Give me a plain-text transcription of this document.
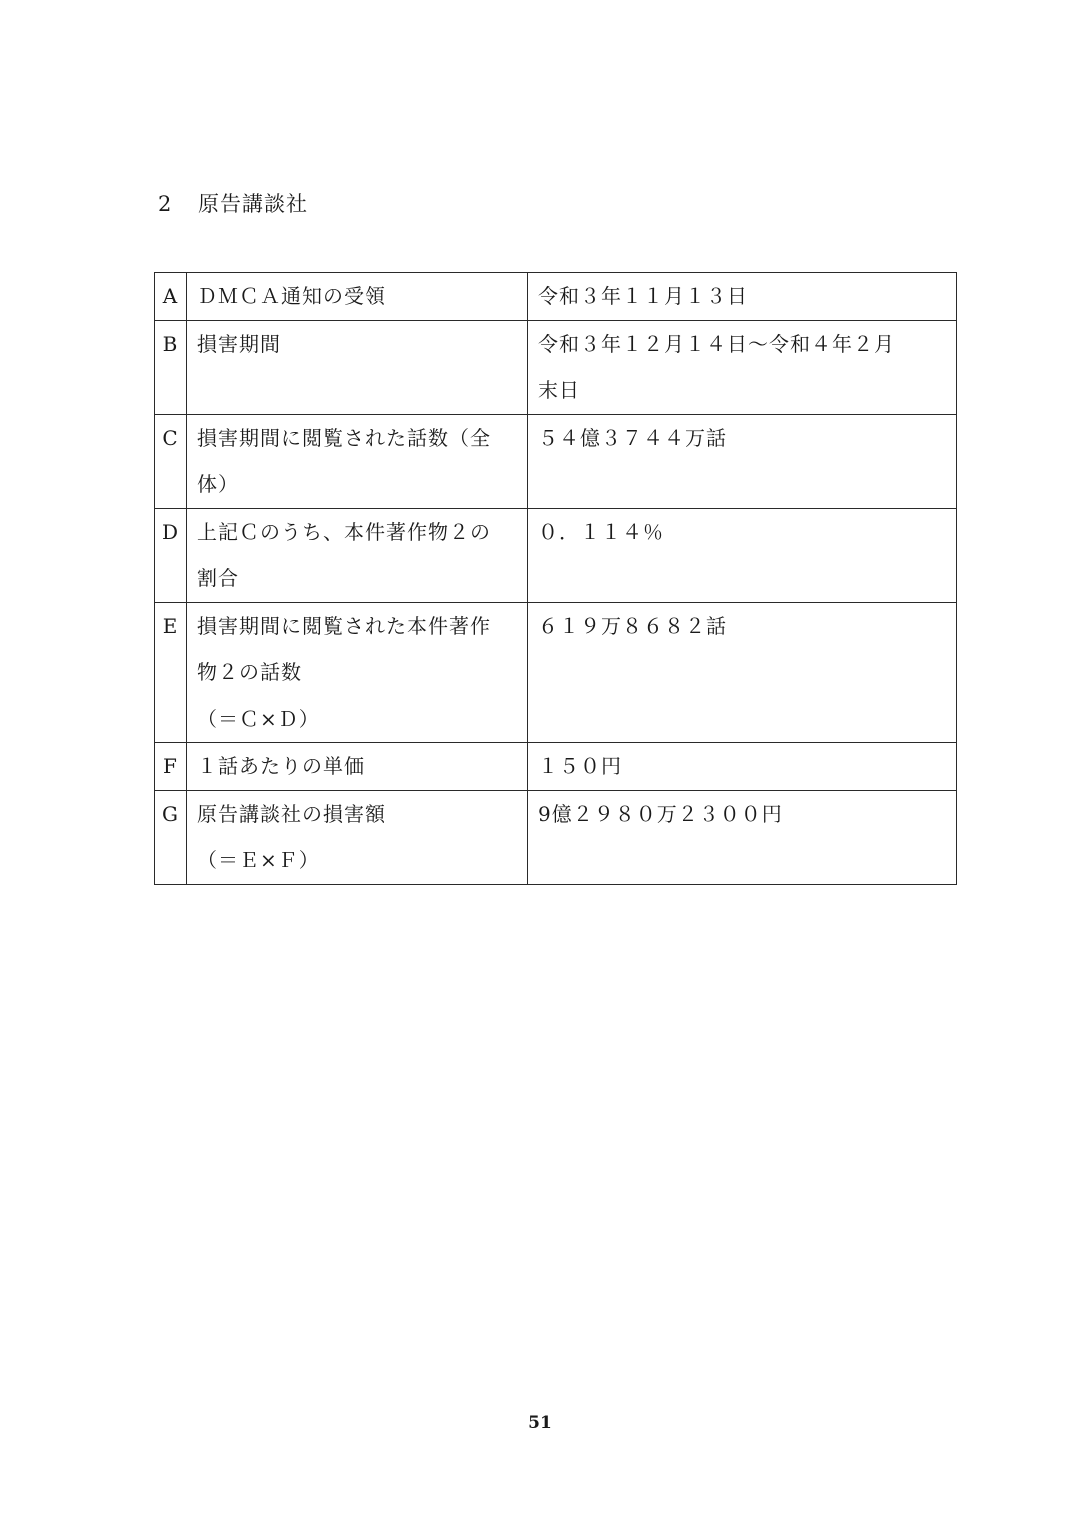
2 原告講談社
A	ＤＭＣＡ通知の受領	令和３年１１月１３日

B	損害期間	令和３年１２月１４日～令和４年２月
末日

C	損害期間に閲覧された話数（全
体）	５４億３７４４万話

D	上記Ｃのうち、本件著作物２の
割合	０．１１４％

E	損害期間に閲覧された本件著作
物２の話数
（＝Ｃ×Ｄ）	６１９万８６８２話

F	１話あたりの単価	１５０円

G	原告講談社の損害額
（＝Ｅ×Ｆ）	9億２９８０万２３００円
51
